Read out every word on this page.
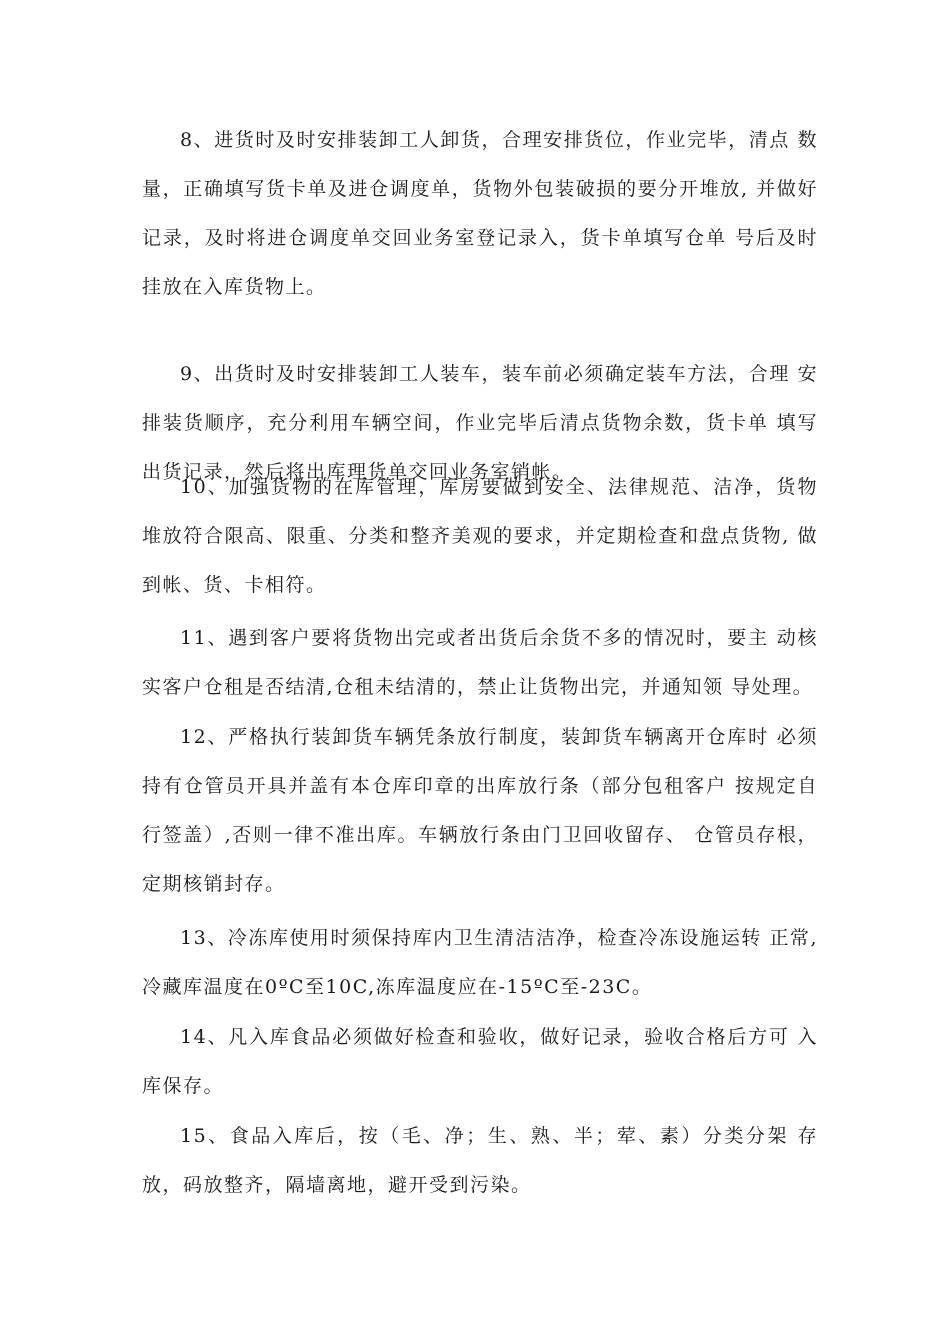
8、进货时及时安排装卸工人卸货，合理安排货位，作业完毕，清点 数量，正确填写货卡单及进仓调度单，货物外包装破损的要分开堆放, 并做好记录，及时将进仓调度单交回业务室登记录入，货卡单填写仓单 号后及时挂放在入库货物上。

9、出货时及时安排装卸工人装车，装车前必须确定装车方法，合理 安排装货顺序，充分利用车辆空间，作业完毕后清点货物余数，货卡单 填写出货记录，然后将出库理货单交回业务室销帐。

10、加强货物的在库管理，库房要做到安全、法律规范、洁净，货物堆放符合限高、限重、分类和整齐美观的要求，并定期检查和盘点货物, 做到帐、货、卡相符。

11、遇到客户要将货物出完或者出货后余货不多的情况时，要主 动核实客户仓租是否结清,仓租未结清的，禁止让货物出完，并通知领 导处理。

12、严格执行装卸货车辆凭条放行制度，装卸货车辆离开仓库时 必须持有仓管员开具并盖有本仓库印章的出库放行条（部分包租客户 按规定自行签盖）,否则一律不准出库。车辆放行条由门卫回收留存、 仓管员存根，定期核销封存。

13、冷冻库使用时须保持库内卫生清洁洁净，检查冷冻设施运转 正常,冷藏库温度在0ºC至10C,冻库温度应在-15ºC至-23C。

14、凡入库食品必须做好检查和验收，做好记录，验收合格后方可 入库保存。

15、食品入库后，按（毛、净；生、熟、半；荤、素）分类分架 存放，码放整齐，隔墙离地，避开受到污染。
